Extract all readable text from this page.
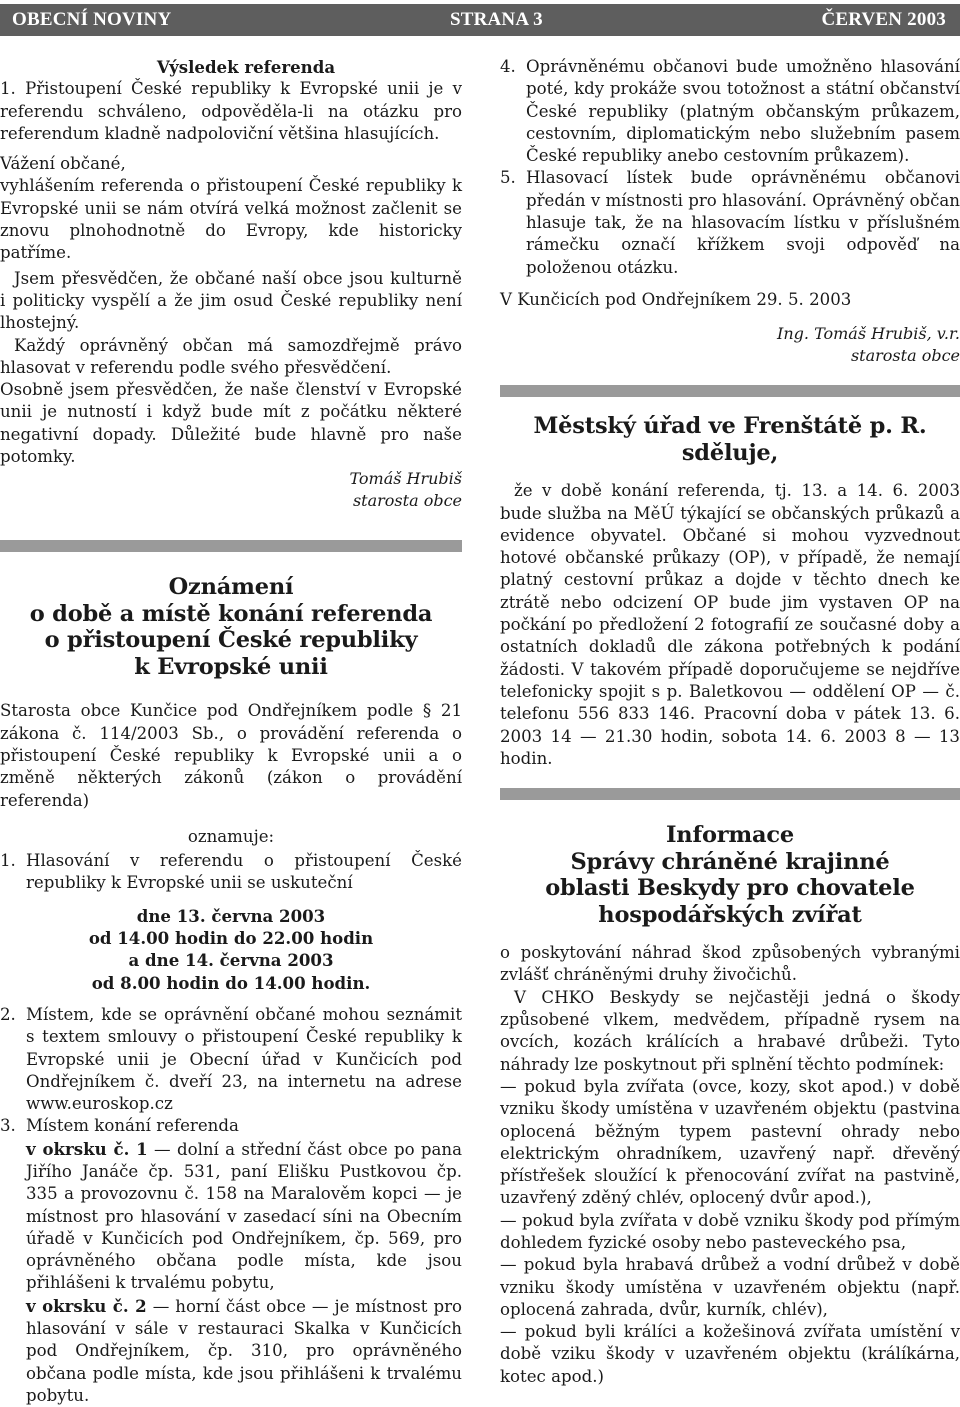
OBECNÍ NOVINY	STRANA 3	ČERVEN 2003

Výsledek referenda

1. Přistoupení České republiky k Evropské unii je v referendu schváleno, odpověděla-li na otázku pro referendum kladně nadpoloviční většina hlasujících.

Vážení občané,

vyhlášením referenda o přistoupení České republiky k Evropské unii se nám otvírá velká možnost začlenit se znovu plnohodnotně do Evropy, kde historicky patříme.

Jsem přesvědčen, že občané naší obce jsou kulturně i politicky vyspělí a že jim osud České republiky není lhostejný.

Každý oprávněný občan má samozdřejmě právo hlasovat v referendu podle svého přesvědčení.

Osobně jsem přesvědčen, že naše členství v Evropské unii je nutností i když bude mít z počátku některé negativní dopady. Důležité bude hlavně pro naše potomky.

Tomáš Hrubiš

starosta obce

Oznámení
o době a místě konání referenda
o přistoupení České republiky
k Evropské unii

Starosta obce Kunčice pod Ondřejníkem podle § 21 zákona č. 114/2003 Sb., o provádění referenda o přistoupení České republiky k Evropské unii a o změně některých zákonů (zákon o provádění referenda)

oznamuje:

1. Hlasování v referendu o přistoupení České republiky k Evropské unii se uskuteční
dne 13. června 2003
od 14.00 hodin do 22.00 hodin
a dne 14. června 2003
od 8.00 hodin do 14.00 hodin.
2. Místem, kde se oprávnění občané mohou seznámit s textem smlouvy o přistoupení České republiky k Evropské unii je Obecní úřad v Kunčicích pod Ondřejníkem č. dveří 23, na internetu na adrese www.euroskop.cz
3. Místem konání referenda

v okrsku č. 1 — dolní a střední část obce po pana Jiřího Janáče čp. 531, paní Elišku Pustkovou čp. 335 a provozovnu č. 158 na Maralověm kopci — je místnost pro hlasování v zasedací síni na Obecním úřadě v Kunčicích pod Ondřejníkem, čp. 569, pro oprávněného občana podle místa, kde jsou přihlášeni k trvalému pobytu,

v okrsku č. 2 — horní část obce — je místnost pro hlasování v sále v restauraci Skalka v Kunčicích pod Ondřejníkem, čp. 310, pro oprávněného občana podle místa, kde jsou přihlášeni k trvalému pobytu.

4. Oprávněnému občanovi bude umožněno hlasování poté, kdy prokáže svou totožnost a státní občanství České republiky (platným občanským průkazem, cestovním, diplomatickým nebo služebním pasem České republiky anebo cestovním průkazem).
5. Hlasovací lístek bude oprávněnému občanovi předán v místnosti pro hlasování. Oprávněný občan hlasuje tak, že na hlasovacím lístku v příslušném rámečku označí křížkem svoji odpověď na položenou otázku.

V Kunčicích pod Ondřejníkem 29. 5. 2003

Ing. Tomáš Hrubiš, v.r.

starosta obce

Městský úřad ve Frenštátě p. R.
sděluje,

že v době konání referenda, tj. 13. a 14. 6. 2003 bude služba na MěÚ týkající se občanských průkazů a evidence obyvatel. Občané si mohou vyzvednout hotové občanské průkazy (OP), v případě, že nemají platný cestovní průkaz a dojde v těchto dnech ke ztrátě nebo odcizení OP bude jim vystaven OP na počkání po předložení 2 fotografií ze současné doby a ostatních dokladů dle zákona potřebných k podání žádosti. V takovém případě doporučujeme se nejdříve telefonicky spojit s p. Baletkovou — oddělení OP — č. telefonu 556 833 146. Pracovní doba v pátek 13. 6. 2003 14 — 21.30 hodin, sobota 14. 6. 2003 8 — 13 hodin.

Informace
Správy chráněné krajinné
oblasti Beskydy pro chovatele
hospodářských zvířat

o poskytování náhrad škod způsobených vybranými zvlášť chráněnými druhy živočichů.

V CHKO Beskydy se nejčastěji jedná o škody způsobené vlkem, medvědem, případně rysem na ovcích, kozách králících a hrabavé drůbeži. Tyto náhrady lze poskytnout při splnění těchto podmínek:

— pokud byla zvířata (ovce, kozy, skot apod.) v době vzniku škody umístěna v uzavřeném objektu (pastvina oplocená běžným typem pastevní ohrady nebo elektrickým ohradníkem, uzavřený např. dřevěný přístřešek sloužící k přenocování zvířat na pastvině, uzavřený zděný chlév, oplocený dvůr apod.),

— pokud byla zvířata v době vzniku škody pod přímým dohledem fyzické osoby nebo pasteveckého psa,

— pokud byla hrabavá drůbež a vodní drůbež v době vzniku škody umístěna v uzavřeném objektu (např. oplocená zahrada, dvůr, kurník, chlév),

— pokud byli králíci a kožešinová zvířata umístění v době vziku škody v uzavřeném objektu (králíkárna, kotec apod.)
